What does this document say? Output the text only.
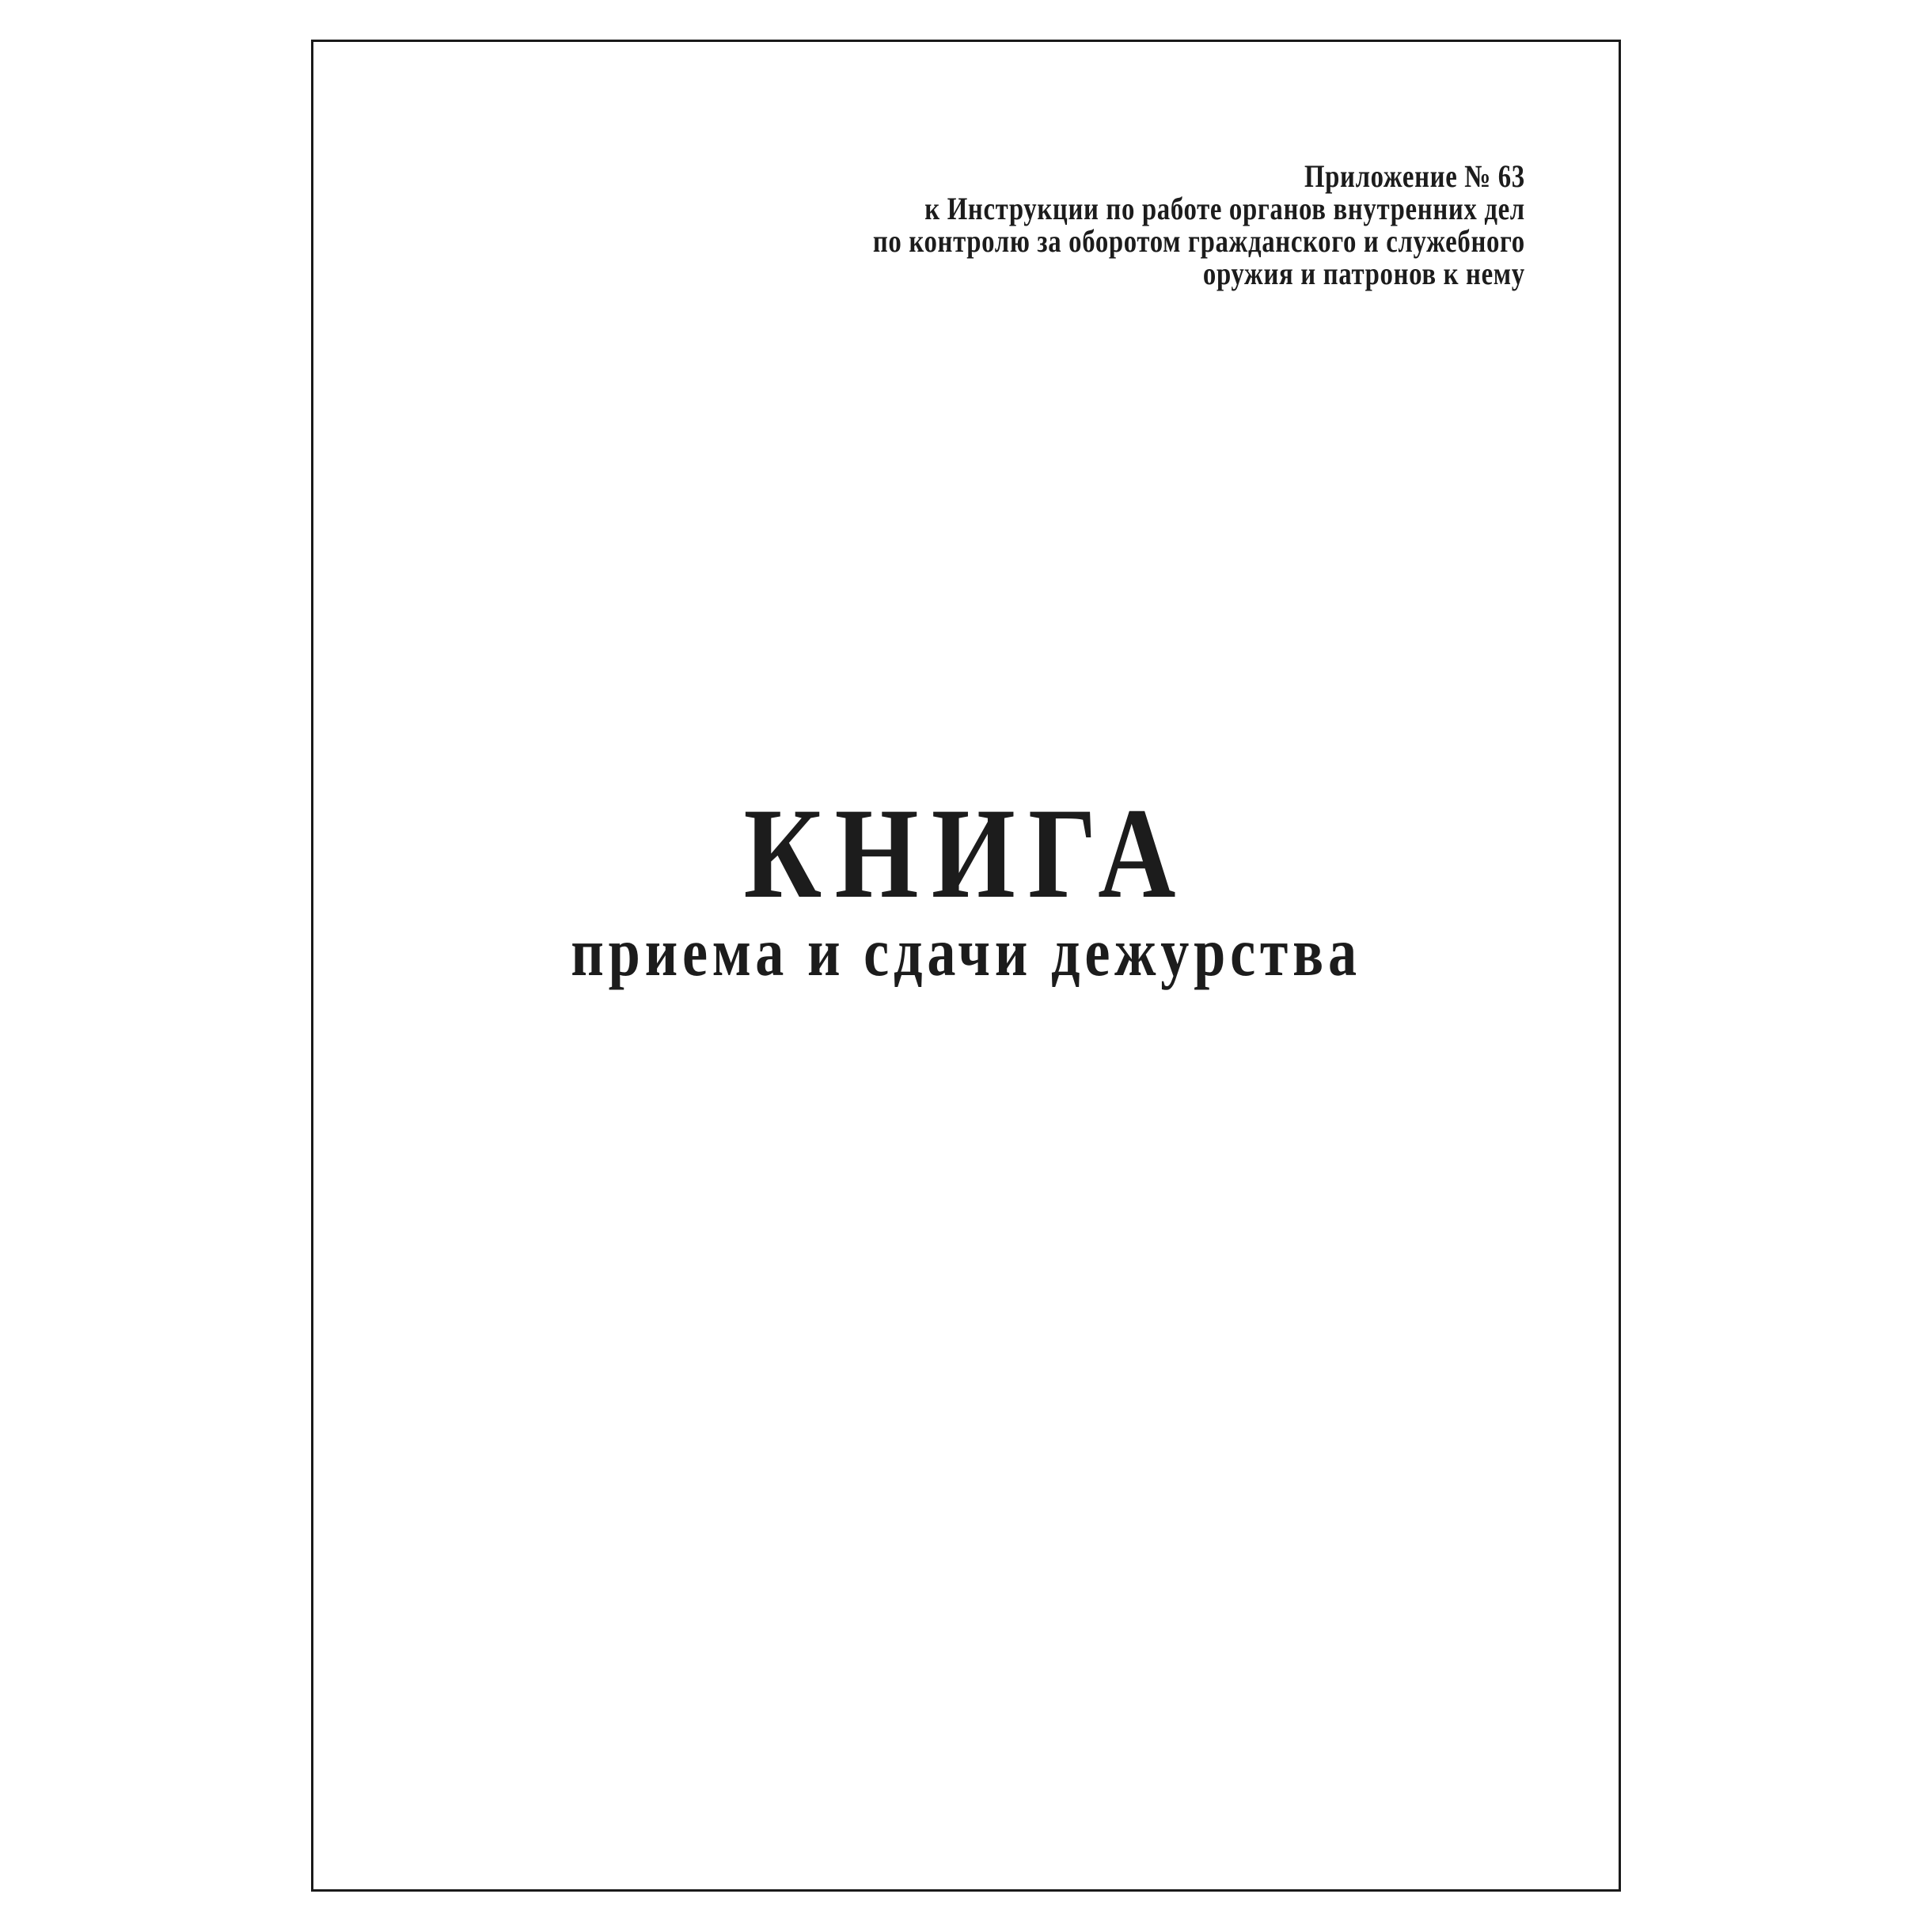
Приложение № 63
к Инструкции по работе органов внутренних дел
по контролю за оборотом гражданского и служебного
оружия и патронов к нему
КНИГА
приема и сдачи дежурства
